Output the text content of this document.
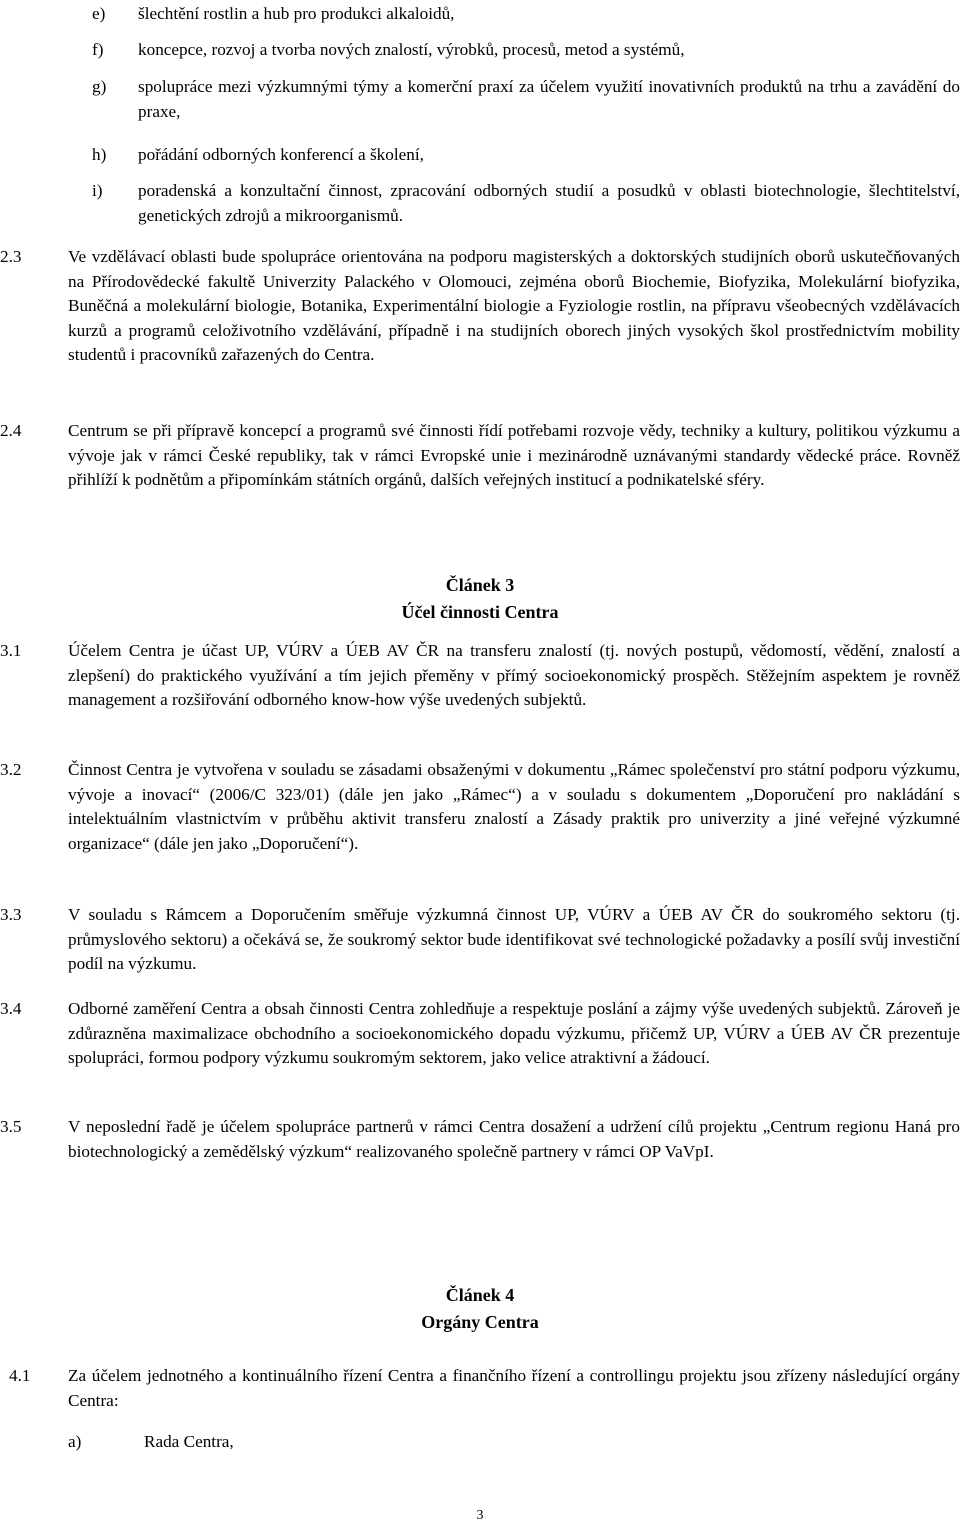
e)	šlechtění rostlin a hub pro produkci alkaloidů,
f)	koncepce, rozvoj a tvorba nových znalostí, výrobků, procesů, metod a systémů,
g)	spolupráce mezi výzkumnými týmy a komerční praxí za účelem využití inovativních produktů na trhu a zavádění do praxe,
h)	pořádání odborných konferencí a školení,
i)	poradenská a konzultační činnost, zpracování odborných studií a posudků v oblasti biotechnologie, šlechtitelství, genetických zdrojů a mikroorganismů.
2.3	Ve vzdělávací oblasti bude spolupráce orientována na podporu magisterských a doktorských studijních oborů uskutečňovaných na Přírodovědecké fakultě Univerzity Palackého v Olomouci, zejména oborů Biochemie, Biofyzika, Molekulární biofyzika, Buněčná a molekulární biologie, Botanika, Experimentální biologie a Fyziologie rostlin, na přípravu všeobecných vzdělávacích kurzů a programů celoživotního vzdělávání, případně i na studijních oborech jiných vysokých škol prostřednictvím mobility studentů i pracovníků zařazených do Centra.
2.4	Centrum se při přípravě koncepcí a programů své činnosti řídí potřebami rozvoje vědy, techniky a kultury, politikou výzkumu a vývoje jak v rámci České republiky, tak v rámci Evropské unie i mezinárodně uznávanými standardy vědecké práce. Rovněž přihlíží k podnětům a připomínkám státních orgánů, dalších veřejných institucí a podnikatelské sféry.
Článek 3
Účel činnosti Centra
3.1	Účelem Centra je účast UP, VÚRV a ÚEB AV ČR na transferu znalostí (tj. nových postupů, vědomostí, vědění, znalostí a zlepšení) do praktického využívání a tím jejich přeměny v přímý socioekonomický prospěch. Stěžejním aspektem je rovněž management a rozšiřování odborného know-how výše uvedených subjektů.
3.2	Činnost Centra je vytvořena v souladu se zásadami obsaženými v dokumentu „Rámec společenství pro státní podporu výzkumu, vývoje a inovací“ (2006/C 323/01) (dále jen jako „Rámec“) a v souladu s dokumentem „Doporučení pro nakládání s intelektuálním vlastnictvím v průběhu aktivit transferu znalostí a Zásady praktik pro univerzity a jiné veřejné výzkumné organizace“ (dále jen jako „Doporučení“).
3.3	V souladu s Rámcem a Doporučením směřuje výzkumná činnost UP, VÚRV a ÚEB AV ČR do soukromého sektoru (tj. průmyslového sektoru) a očekává se, že soukromý sektor bude identifikovat své technologické požadavky a posílí svůj investiční podíl na výzkumu.
3.4	Odborné zaměření Centra a obsah činnosti Centra zohledňuje a respektuje poslání a zájmy výše uvedených subjektů. Zároveň je zdůrazněna maximalizace obchodního a socioekonomického dopadu výzkumu, přičemž UP, VÚRV a ÚEB AV ČR prezentuje spolupráci, formou podpory výzkumu soukromým sektorem, jako velice atraktivní a žádoucí.
3.5	V neposlední řadě je účelem spolupráce partnerů v rámci Centra dosažení a udržení cílů projektu „Centrum regionu Haná pro biotechnologický a zemědělský výzkum“ realizovaného společně partnery v rámci OP VaVpI.
Článek 4
Orgány Centra
4.1	Za účelem jednotného a kontinuálního řízení Centra a finančního řízení a controllingu projektu jsou zřízeny následující orgány Centra:
a)	Rada Centra,
3
